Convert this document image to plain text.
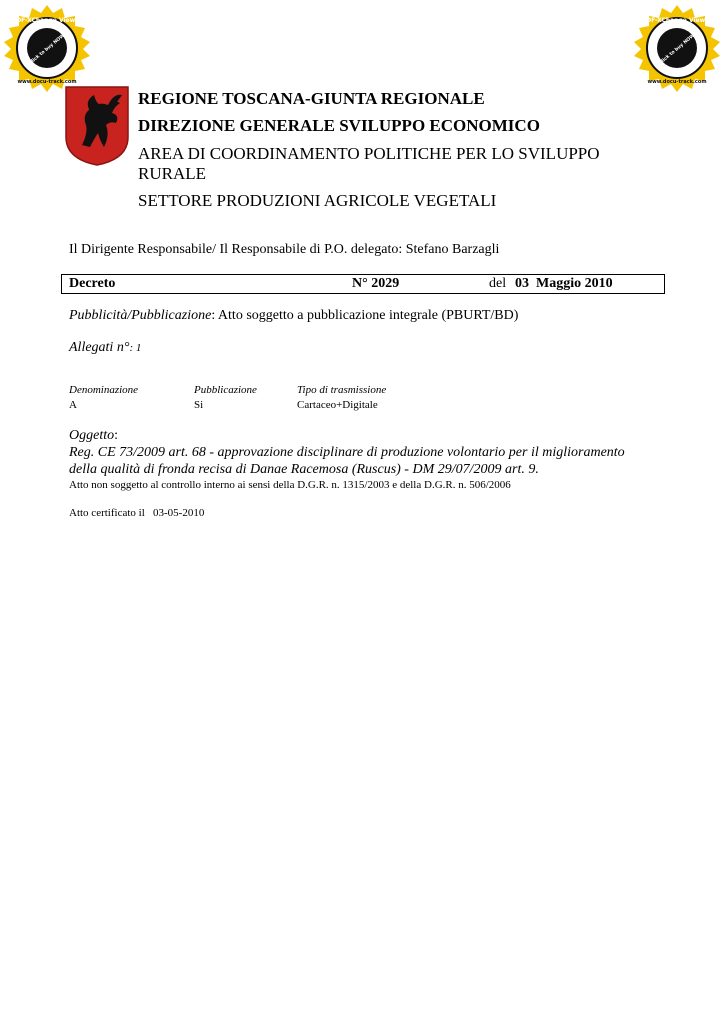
PDF-XChange Viewer
Click to buy NOW!
www.docu-track.com
PDF-XChange Viewer
Click to buy NOW!
www.docu-track.com
REGIONE TOSCANA-GIUNTA REGIONALE
DIREZIONE GENERALE SVILUPPO ECONOMICO
AREA DI COORDINAMENTO POLITICHE PER LO SVILUPPO
RURALE
SETTORE PRODUZIONI AGRICOLE VEGETALI
Il Dirigente Responsabile/ Il Responsabile di P.O. delegato: Stefano Barzagli
Decreto	N° 2029	del 03  Maggio 2010
Pubblicità/Pubblicazione: Atto soggetto a pubblicazione integrale (PBURT/BD)
Allegati n°: 1
Denominazione	Pubblicazione	Tipo di trasmissione
A	Si	Cartaceo+Digitale
Oggetto:
Reg. CE 73/2009 art. 68 - approvazione disciplinare di produzione volontario per il miglioramento
della qualità di fronda recisa di Danae Racemosa (Ruscus) - DM 29/07/2009 art. 9.
Atto non soggetto al controllo interno ai sensi della D.G.R. n. 1315/2003 e della D.G.R. n. 506/2006
Atto certificato il 03-05-2010
